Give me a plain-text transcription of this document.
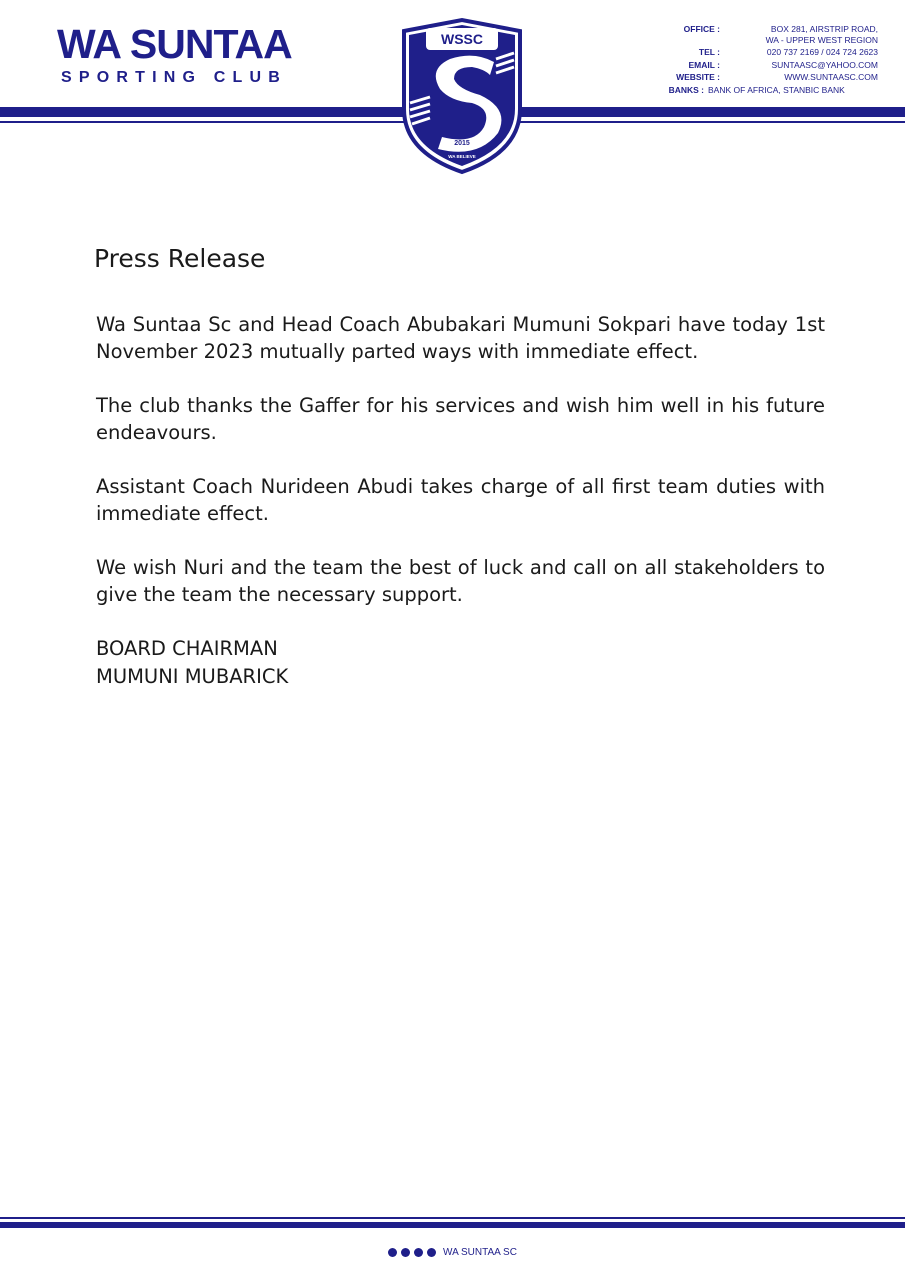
WA SUNTAA
SPORTING CLUB
WSSC
2015
WA BELIEVE
OFFICE :	BOX 281, AIRSTRIP ROAD,
WA - UPPER WEST REGION
TEL :	020 737 2169 / 024 724 2623
EMAIL :	SUNTAASC@YAHOO.COM
WEBSITE :	WWW.SUNTAASC.COM
BANKS : BANK OF AFRICA, STANBIC BANK
Press Release

Wa Suntaa Sc and Head Coach Abubakari Mumuni Sokpari have today 1st November 2023 mutually parted ways with immediate effect.

The club thanks the Gaffer for his services and wish him well in his future endeavours.

Assistant Coach Nurideen Abudi takes charge of all first team duties with immediate effect.

We wish Nuri and the team the best of luck and call on all stakeholders to give the team the necessary support.

BOARD CHAIRMAN
MUMUNI MUBARICK
WA SUNTAA SC
